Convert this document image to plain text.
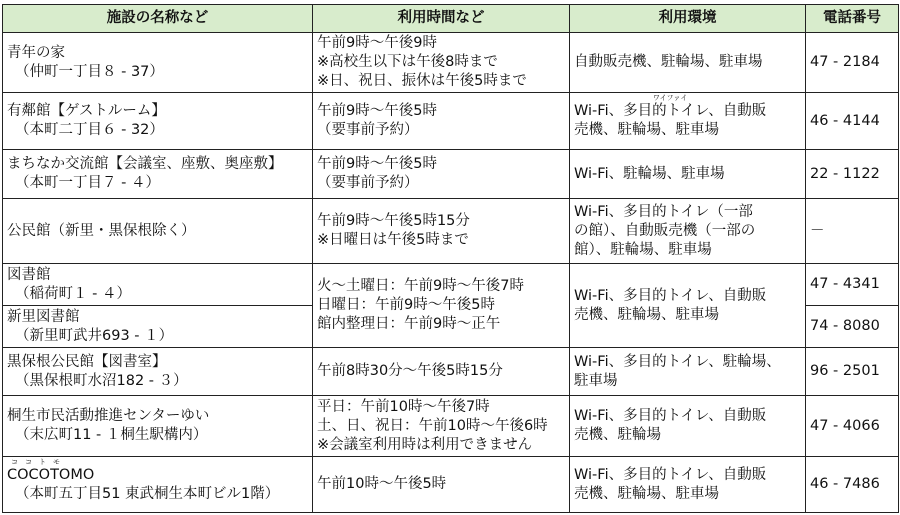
施設の名称など	利用時間など	利用環境	電話番号

青年の家
（仲町一丁目８ - 37）	午前9時～午後9時
※高校生以下は午後8時まで
※日、祝日、振休は午後5時まで	自動販売機、駐輪場、駐車場	47 - 2184

有鄰館【ゲストルーム】
（本町二丁目６ - 32）	午前9時～午後5時
（要事前予約）	ワイファイ
Wi-Fi、多目的トイレ、自動販
売機、駐輪場、駐車場	46 - 4144

まちなか交流館【会議室、座敷、奥座敷】
（本町一丁目７ - ４）	午前9時～午後5時
（要事前予約）	Wi-Fi、駐輪場、駐車場	22 - 1122

公民館（新里・黒保根除く）	午前9時～午後5時15分
※日曜日は午後5時まで	Wi-Fi、多目的トイレ（一部
の館）、自動販売機（一部の
館）、駐輪場、駐車場	－

図書館
（稲荷町１ - ４）	火～土曜日：午前9時～午後7時
日曜日：午前9時～午後5時
館内整理日：午前9時～正午	Wi-Fi、多目的トイレ、自動販
売機、駐輪場、駐車場	47 - 4341

新里図書館
（新里町武井693 - １）			74 - 8080

黒保根公民館【図書室】
（黒保根町水沼182 - ３）	午前8時30分～午後5時15分	Wi-Fi、多目的トイレ、駐輪場、
駐車場	96 - 2501

桐生市民活動推進センターゆい
（末広町11 - １桐生駅構内）	平日：午前10時～午後7時
土、日、祝日：午前10時～午後6時
※会議室利用時は利用できません	Wi-Fi、多目的トイレ、自動販
売機、駐輪場	47 - 4066

ココトモ
COCOTOMO
（本町五丁目51 東武桐生本町ビル1階）	午前10時～午後5時	Wi-Fi、多目的トイレ、自動販
売機、駐輪場、駐車場	46 - 7486
